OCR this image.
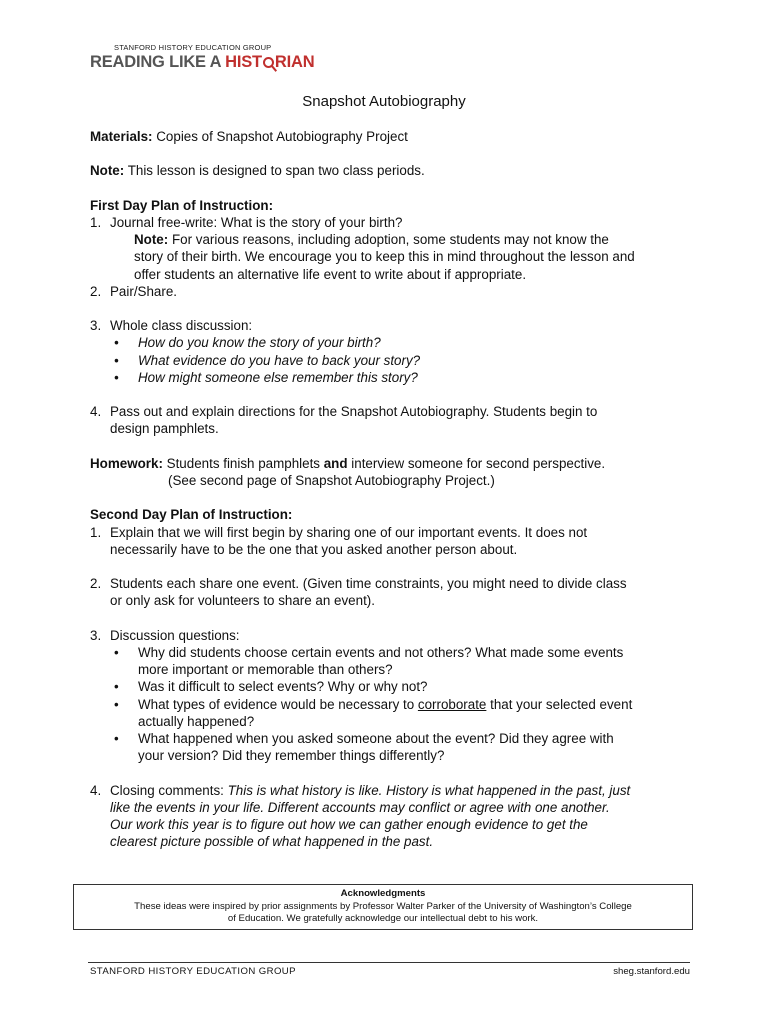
STANFORD HISTORY EDUCATION GROUP
READING LIKE A HIST RIAN
Snapshot Autobiography

Materials: Copies of Snapshot Autobiography Project

Note: This lesson is designed to span two class periods.

First Day Plan of Instruction:

1. Journal free-write: What is the story of your birth?

Note: For various reasons, including adoption, some students may not know the

story of their birth. We encourage you to keep this in mind throughout the lesson and

offer students an alternative life event to write about if appropriate.

2. Pair/Share.

3. Whole class discussion:

• How do you know the story of your birth?

• What evidence do you have to back your story?

• How might someone else remember this story?

4. Pass out and explain directions for the Snapshot Autobiography. Students begin to

design pamphlets.

Homework: Students finish pamphlets and interview someone for second perspective.

(See second page of Snapshot Autobiography Project.)

Second Day Plan of Instruction:

1. Explain that we will first begin by sharing one of our important events. It does not

necessarily have to be the one that you asked another person about.

2. Students each share one event. (Given time constraints, you might need to divide class

or only ask for volunteers to share an event).

3. Discussion questions:

• Why did students choose certain events and not others? What made some events

more important or memorable than others?

• Was it difficult to select events? Why or why not?

• What types of evidence would be necessary to corroborate that your selected event

actually happened?

• What happened when you asked someone about the event? Did they agree with

your version? Did they remember things differently?

4. Closing comments: This is what history is like. History is what happened in the past, just

like the events in your life. Different accounts may conflict or agree with one another.

Our work this year is to figure out how we can gather enough evidence to get the

clearest picture possible of what happened in the past.

Acknowledgments
These ideas were inspired by prior assignments by Professor Walter Parker of the University of Washington’s College
of Education. We gratefully acknowledge our intellectual debt to his work.
STANFORD HISTORY EDUCATION GROUP	sheg.stanford.edu
